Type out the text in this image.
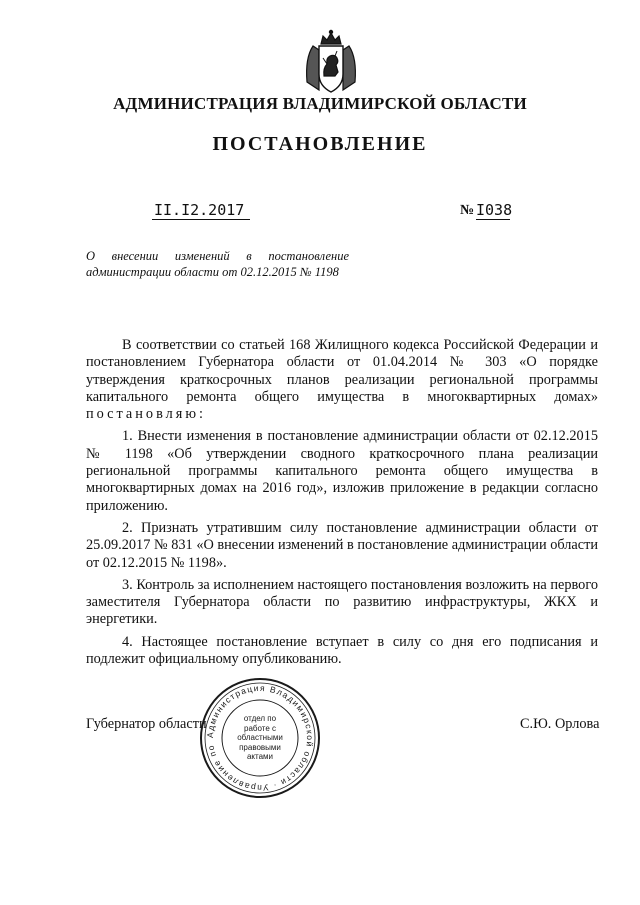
АДМИНИСТРАЦИЯ ВЛАДИМИРСКОЙ ОБЛАСТИ
ПОСТАНОВЛЕНИЕ
II.I2.2017	№ I038
О внесении изменений в постановление администрации области от 02.12.2015 № 1198

В соответствии со статьей 168 Жилищного кодекса Российской Федерации и постановлением Губернатора области от 01.04.2014 № 303 «О порядке утверждения краткосрочных планов реализации региональной программы капитального ремонта общего имущества в многоквартирных домах» постановляю:

1. Внести изменения в постановление администрации области от 02.12.2015 № 1198 «Об утверждении сводного краткосрочного плана реализации региональной программы капитального ремонта общего имущества в многоквартирных домах на 2016 год», изложив приложение в редакции согласно приложению.

2. Признать утратившим силу постановление администрации области от 25.09.2017 № 831 «О внесении изменений в постановление администрации области от 02.12.2015 № 1198».

3. Контроль за исполнением настоящего постановления возложить на первого заместителя Губернатора области по развитию инфраструктуры, ЖКХ и энергетики.

4. Настоящее постановление вступает в силу со дня его подписания и подлежит официальному опубликованию.

Губернатор области	С.Ю. Орлова
Администрация Владимирской области · Управление по
отдел по работе с областными правовыми актами
